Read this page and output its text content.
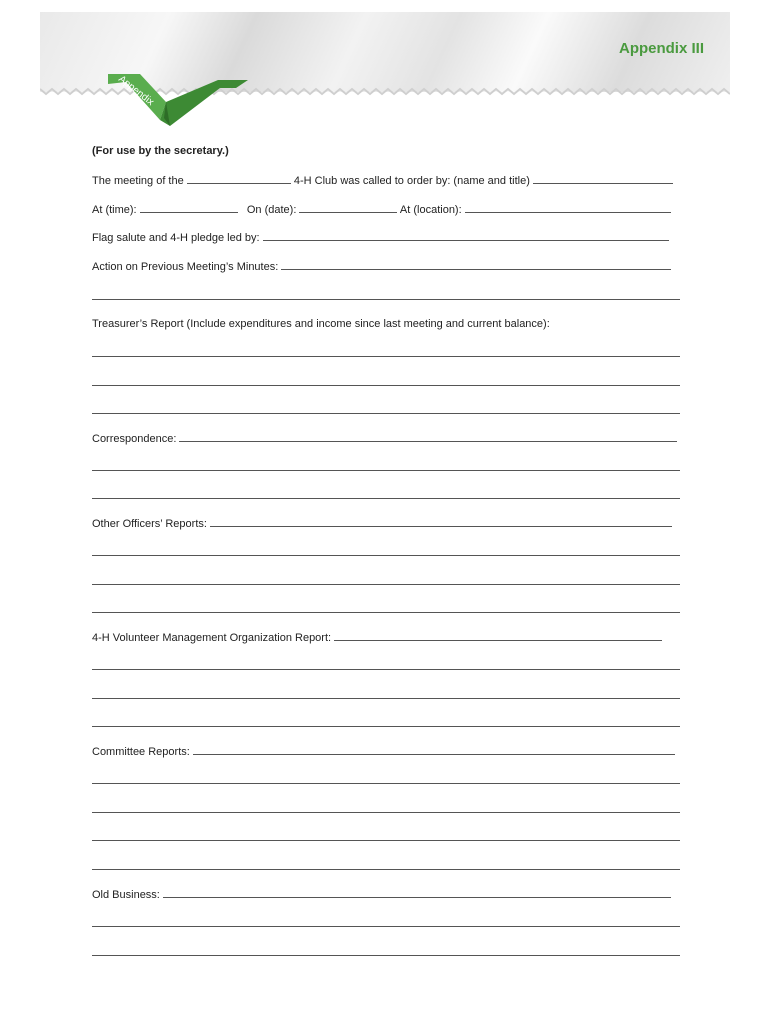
Appendix III
Appendix
(For use by the secretary.)
The meeting of the	4-H Club was called to order by: (name and title)
At (time):	On (date):	At (location):
Flag salute and 4-H pledge led by:
Action on Previous Meeting’s Minutes:
Treasurer’s Report (Include expenditures and income since last meeting and current balance):
Correspondence:
Other Officers’ Reports:
4-H Volunteer Management Organization Report:
Committee Reports:
Old Business:
